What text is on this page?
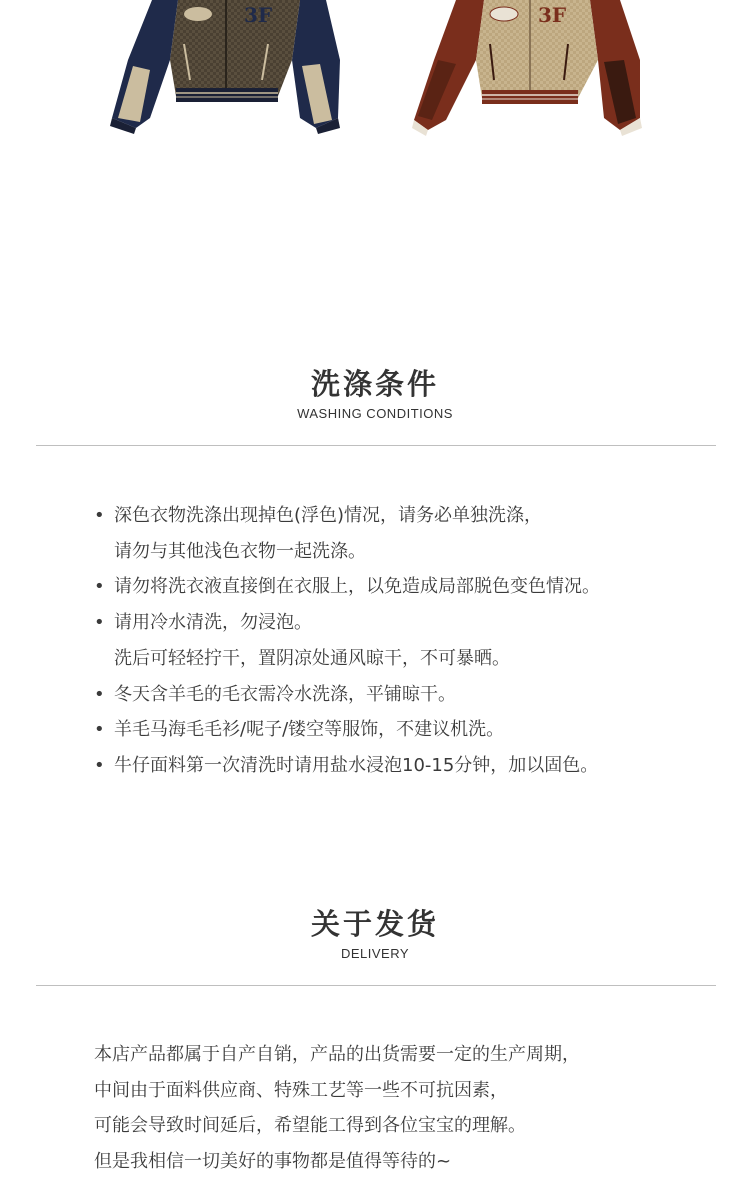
3F	3F
洗涤条件
WASHING CONDITIONS
• 深色衣物洗涤出现掉色(浮色)情况，请务必单独洗涤，
请勿与其他浅色衣物一起洗涤。
• 请勿将洗衣液直接倒在衣服上，以免造成局部脱色变色情况。
• 请用冷水清洗，勿浸泡。
洗后可轻轻拧干，置阴凉处通风晾干，不可暴晒。
• 冬天含羊毛的毛衣需冷水洗涤，平铺晾干。
• 羊毛马海毛毛衫/呢子/镂空等服饰，不建议机洗。
• 牛仔面料第一次清洗时请用盐水浸泡10-15分钟，加以固色。
关于发货
DELIVERY
本店产品都属于自产自销，产品的出货需要一定的生产周期，
中间由于面料供应商、特殊工艺等一些不可抗因素，
可能会导致时间延后，希望能工得到各位宝宝的理解。
但是我相信一切美好的事物都是值得等待的~
